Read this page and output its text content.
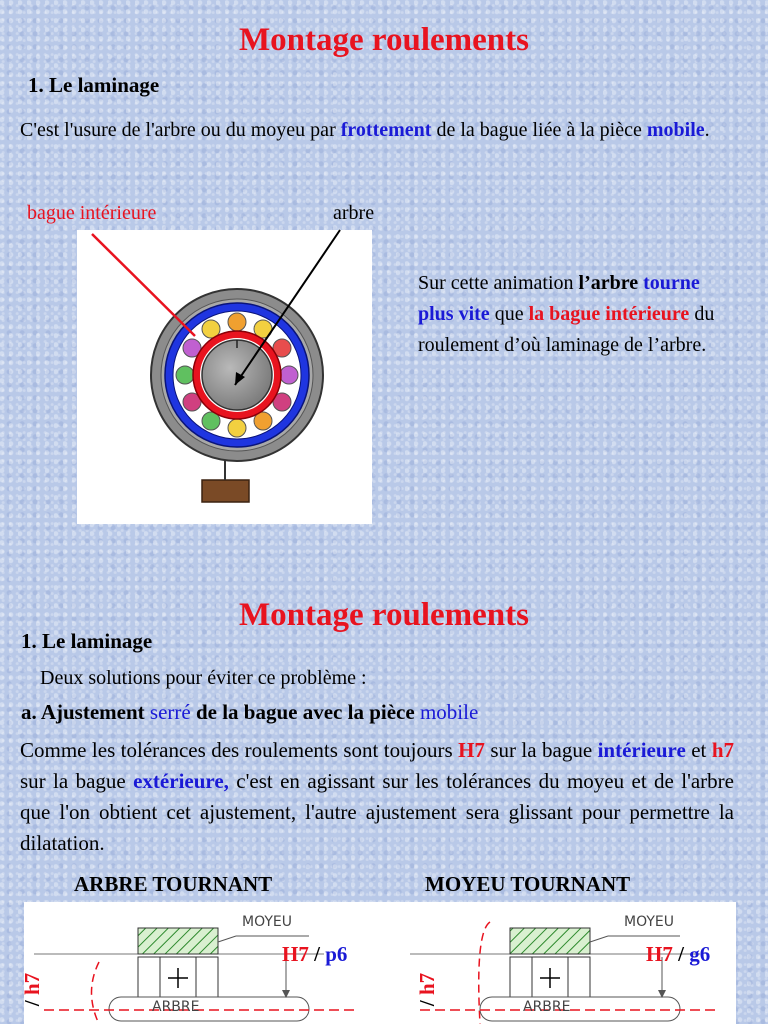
Montage roulements
1. Le laminage
C'est l'usure de l'arbre ou du moyeu par frottement de la bague liée à la pièce mobile.
bague intérieure	arbre
Sur cette animation l’arbre tourne plus vite que la bague intérieure du roulement d’où laminage de l’arbre.
Montage roulements
1. Le laminage
Deux solutions pour éviter ce problème :
a. Ajustement serré de la bague avec la pièce mobile
Comme les tolérances des roulements sont toujours H7 sur la bague intérieure et h7 sur la bague extérieure, c'est en agissant sur les tolérances du moyeu et de l'arbre que l'on obtient cet ajustement, l'autre ajustement sera glissant pour permettre la dilatation.
ARBRE TOURNANT	MOYEU TOURNANT
MOYEU
ARBRE
H7 / p6
/ h7
MOYEU
ARBRE
H7 / g6
/ h7
